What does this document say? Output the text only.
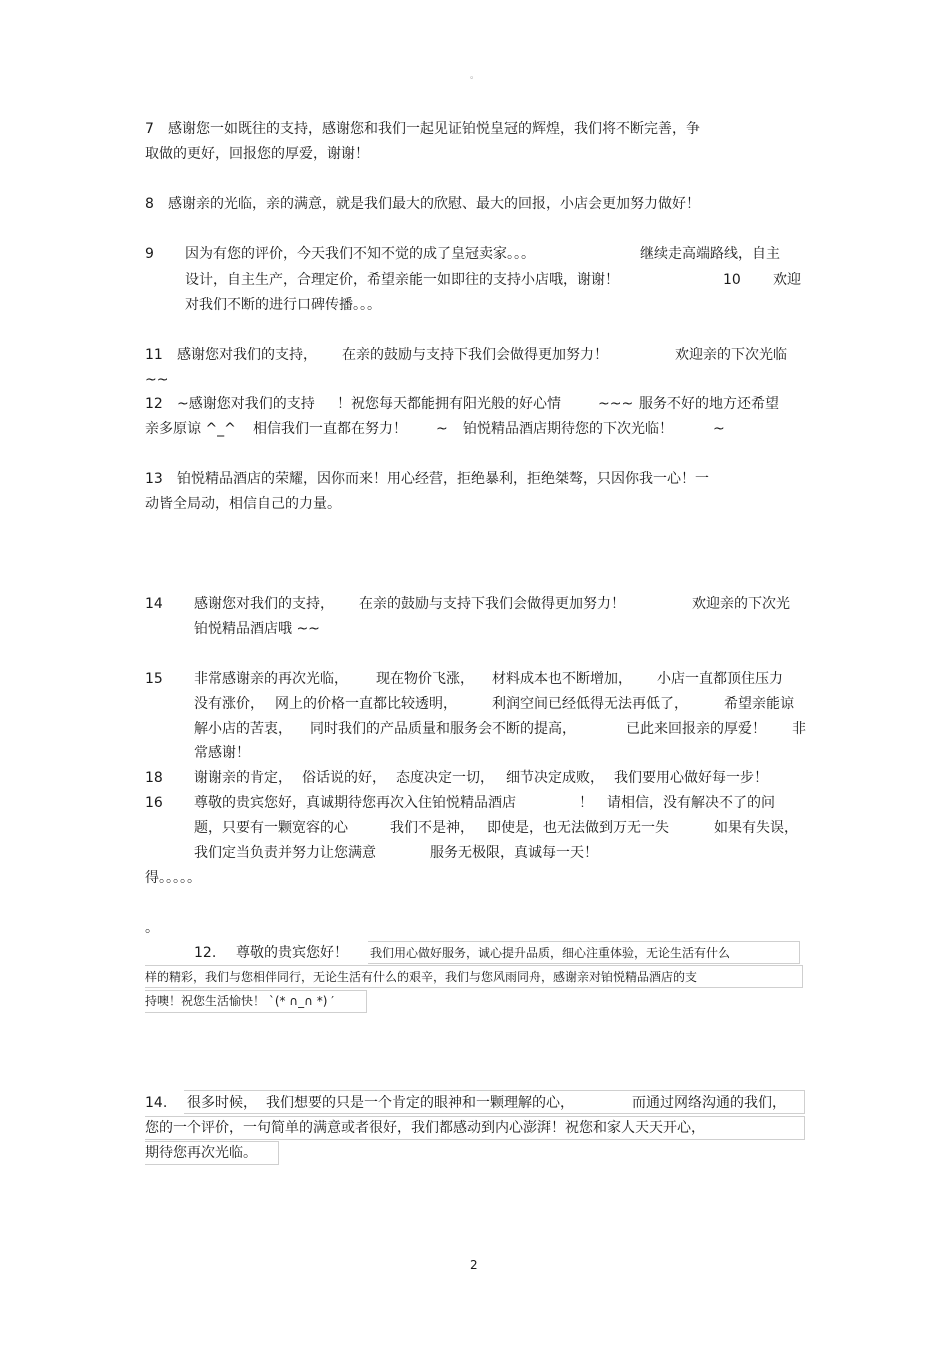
。
7 感谢您一如既往的支持，感谢您和我们一起见证铂悦皇冠的辉煌，我们将不断完善，争
取做的更好，回报您的厚爱，谢谢！
8 感谢亲的光临，亲的满意，就是我们最大的欣慰、最大的回报，小店会更加努力做好！
9 因为有您的评价，今天我们不知不觉的成了皇冠卖家。。。	继续走高端路线，自主
设计，自主生产，合理定价，希望亲能一如即往的支持小店哦，谢谢！	10 欢迎
对我们不断的进行口碑传播。。。
11 感谢您对我们的支持， 在亲的鼓励与支持下我们会做得更加努力！	欢迎亲的下次光临
~~
12 ~感谢您对我们的支持 ！祝您每天都能拥有阳光般的好心情	~~~ 服务不好的地方还希望
亲多原谅 ^_^ 相信我们一直都在努力！ ~ 铂悦精品酒店期待您的下次光临！	~
13 铂悦精品酒店的荣耀，因你而来！用心经营，拒绝暴利，拒绝桀骜，只因你我一心！一
动皆全局动，相信自己的力量。
14 感谢您对我们的支持， 在亲的鼓励与支持下我们会做得更加努力！	欢迎亲的下次光
铂悦精品酒店哦 ~~
15 非常感谢亲的再次光临， 现在物价飞涨， 材料成本也不断增加， 小店一直都顶住压力
没有涨价， 网上的价格一直都比较透明，	利润空间已经低得无法再低了，	希望亲能谅
解小店的苦衷， 同时我们的产品质量和服务会不断的提高，	已此来回报亲的厚爱！ 非
常感谢！
18 谢谢亲的肯定， 俗话说的好， 态度决定一切， 细节决定成败， 我们要用心做好每一步！
16 尊敬的贵宾您好，真诚期待您再次入住铂悦精品酒店	！ 请相信，没有解决不了的问
题，只要有一颗宽容的心	我们不是神， 即使是，也无法做到万无一失	如果有失误，
我们定当负责并努力让您满意	服务无极限，真诚每一天！
得。。。。。
。
12. 尊敬的贵宾您好！ 我们用心做好服务，诚心提升品质，细心注重体验，无论生活有什么
样的精彩，我们与您相伴同行，无论生活有什么的艰辛，我们与您风雨同舟，感谢亲对铂悦精品酒店的支
持噢！祝您生活愉快！ `(* ∩_∩ *) ′
14. 很多时候， 我们想要的只是一个肯定的眼神和一颗理解的心，	而通过网络沟通的我们，
您的一个评价，一句简单的满意或者很好，我们都感动到内心澎湃！祝您和家人天天开心，
期待您再次光临。
2
